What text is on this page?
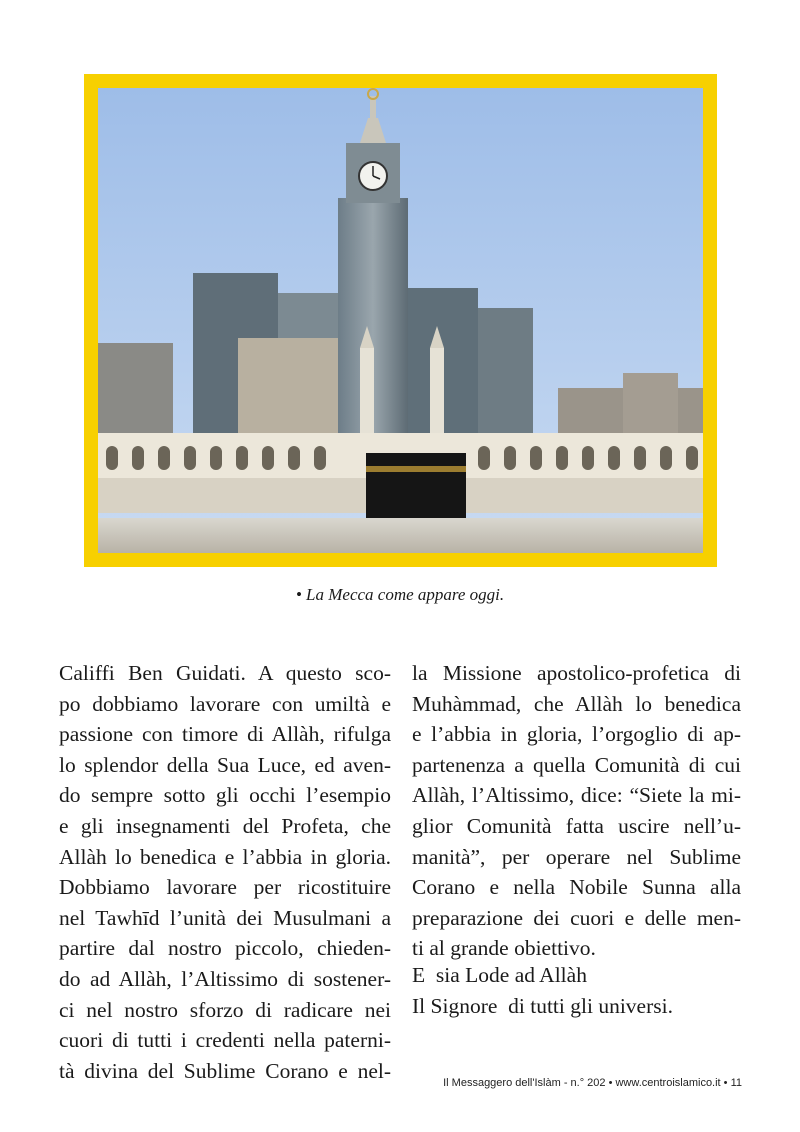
• La Mecca come appare oggi.
Califfi Ben Guidati. A questo sco-
po dobbiamo lavorare con umiltà e
passione con timore di Allàh, rifulga
lo splendor della Sua Luce, ed aven-
do sempre sotto gli occhi l’esempio
e gli insegnamenti del Profeta, che
Allàh lo benedica e l’abbia in gloria.
Dobbiamo lavorare per ricostituire
nel Tawhīd l’unità dei Musulmani a
partire dal nostro piccolo, chieden-
do ad Allàh, l’Altissimo di sostener-
ci nel nostro sforzo di radicare nei
cuori di tutti i credenti nella paterni-
tà divina del Sublime Corano e nel-
la Missione apostolico-profetica di
Muhàmmad, che Allàh lo benedica
e l’abbia in gloria, l’orgoglio di ap-
partenenza a quella Comunità di cui
Allàh, l’Altissimo, dice: “Siete la mi-
glior Comunità fatta uscire nell’u-
manità”, per operare nel Sublime
Corano e nella Nobile Sunna alla
preparazione dei cuori e delle men-
ti al grande obiettivo.
E  sia Lode ad Allàh
Il Signore  di tutti gli universi.
Il Messaggero dell'Islàm - n.° 202 • www.centroislamico.it • 11
